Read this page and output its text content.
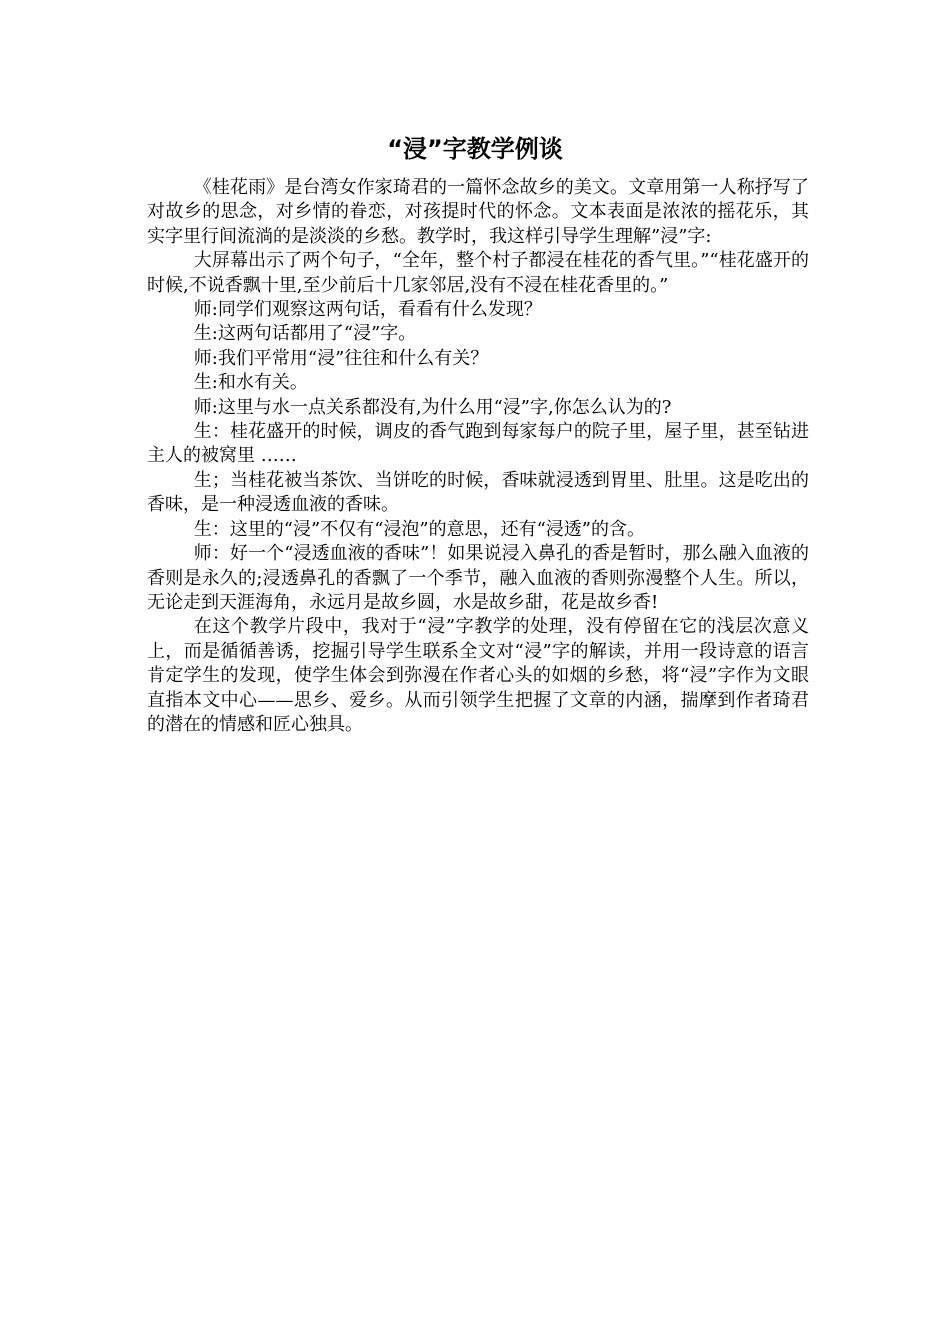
“浸”字教学例谈

《桂花雨》是台湾女作家琦君的一篇怀念故乡的美文。文章用第一人称抒写了对故乡的思念，对乡情的眷恋，对孩提时代的怀念。文本表面是浓浓的摇花乐，其实字里行间流淌的是淡淡的乡愁。教学时，我这样引导学生理解”浸”字:

大屏幕出示了两个句子，“全年，整个村子都浸在桂花的香气里。”“桂花盛开的时候,不说香飘十里,至少前后十几家邻居,没有不浸在桂花香里的。”

师:同学们观察这两句话，看看有什么发现？

生:这两句话都用了“浸”字。

师:我们平常用“浸”往往和什么有关？

生:和水有关。

师:这里与水一点关系都没有,为什么用“浸”字,你怎么认为的?

生：桂花盛开的时候，调皮的香气跑到每家每户的院子里，屋子里，甚至钻进主人的被窝里 ……

生；当桂花被当茶饮、当饼吃的时候，香味就浸透到胃里、肚里。这是吃出的香味，是一种浸透血液的香味。

生：这里的“浸”不仅有“浸泡”的意思，还有“浸透”的含。

师：好一个“浸透血液的香味”！如果说浸入鼻孔的香是暂时，那么融入血液的香则是永久的;浸透鼻孔的香飘了一个季节，融入血液的香则弥漫整个人生。所以，无论走到天涯海角，永远月是故乡圆，水是故乡甜，花是故乡香!

在这个教学片段中，我对于“浸”字教学的处理，没有停留在它的浅层次意义上，而是循循善诱，挖掘引导学生联系全文对“浸”字的解读，并用一段诗意的语言肯定学生的发现，使学生体会到弥漫在作者心头的如烟的乡愁，将“浸”字作为文眼直指本文中心——思乡、爱乡。从而引领学生把握了文章的内涵，揣摩到作者琦君的潜在的情感和匠心独具。
